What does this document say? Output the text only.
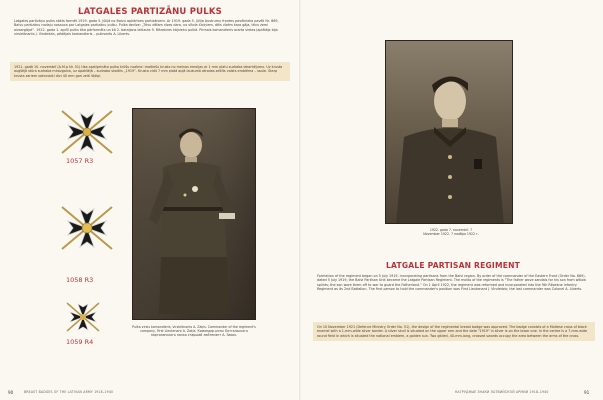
LATGALES PARTIZĀNU PULKS
Latgales partizāņu pulks sākts formēt 1919. gada 5. jūlijā no Balvu apkārtnes partizāniem. Ar 1919. gada 5. jūlija Austrumu frontes pavēlnieka pavēli Nr. 869, Balvu partizānu nodaļu nosauca par Latgales partizānu pulku. Pulka devīze: „Tēvu dēlam vīzes dara, no vītola lūciņiem, dēls vīzēm kara gāja, tēvu zemi aizsargājot”. 1922. gada 1. aprīlī pulks tika pārformēts un kā 2. bataljons ieklauts 9. Rēzeknes kājnieku pulkā. Pirmais komandieris ararta vietas ļaplātājs bija virsleitnants J. Vindedzis, pēdējais komandieris – pulkvedis A. Liberts.
1921. gadā 10. novembrī (A.M.p Nr. 51) tika apstiprināta pulka krūšu nozīme: maltiešu krusts no melnas emaljas ar 1 mm platu sudraba iekantējumu. Uz krusta augšējā stūra sudraba mirozgalva, uz apakšējā – sudraba skaitlis „1919”. Krusta vidū 7 mm platā apļā laukumā atrodas zeltīts valsts emblēma – saule. Starp krusta zariem sakrustoti divi 40 mm gari zelti šķēpi.
1057 R3
1058 R3
1059 R4
Pulka virsis komandieris, virsleitnants A. Zaķis. Commander of the regiment's company, First Lieutenant A. Zaķis. Командир роты Латгальского партизанского полка старший лейтенант А. Закис.
90	BREAST BADGES OF THE LATVIAN ARMY 1918–1940
1922. gada 7. novembrī. 7 November 1922. 7 ноября 1922 г.
LATGALE PARTISAN REGIMENT
Formation of the regiment began on 5 July 1919, incorporating partisans from the Balvi region. By order of the commander of the Eastern Front (Order No. 869), dated 5 July 1919, the Balvi Partisan Unit became the Latgale Partisan Regiment. The motto of the regiments is "The father wove sandals for his son from willow splints; the son wore them off to war to guard the Fatherland." On 1 April 1922, the regiment was reformed and incorporated into the 9th Rēzekne Infantry Regiment as its 2nd Battalion. The first person to hold the commander's position was First Lieutenant J. Vindedzis; the last commander was Colonel A. Liberts.
On 10 November 1921 (Defence Ministry Order No. 51), the design of the regimental breast badge was approved. The badge consists of a Maltese cross of black enamel with a 1-mm-wide silver border. A silver skull is situated on the upper arm and the date "1919" in silver is on the lower one. In the centre is a 7-mm-wide round field in which is situated the national emblem, a golden sun. Two gilded, 40-mm-long, crossed swords occupy the area between the arms of the cross.
НАГРУДНЫЕ ЗНАКИ ЛАТВИЙСКОЙ АРМИИ 1918–1940	91
